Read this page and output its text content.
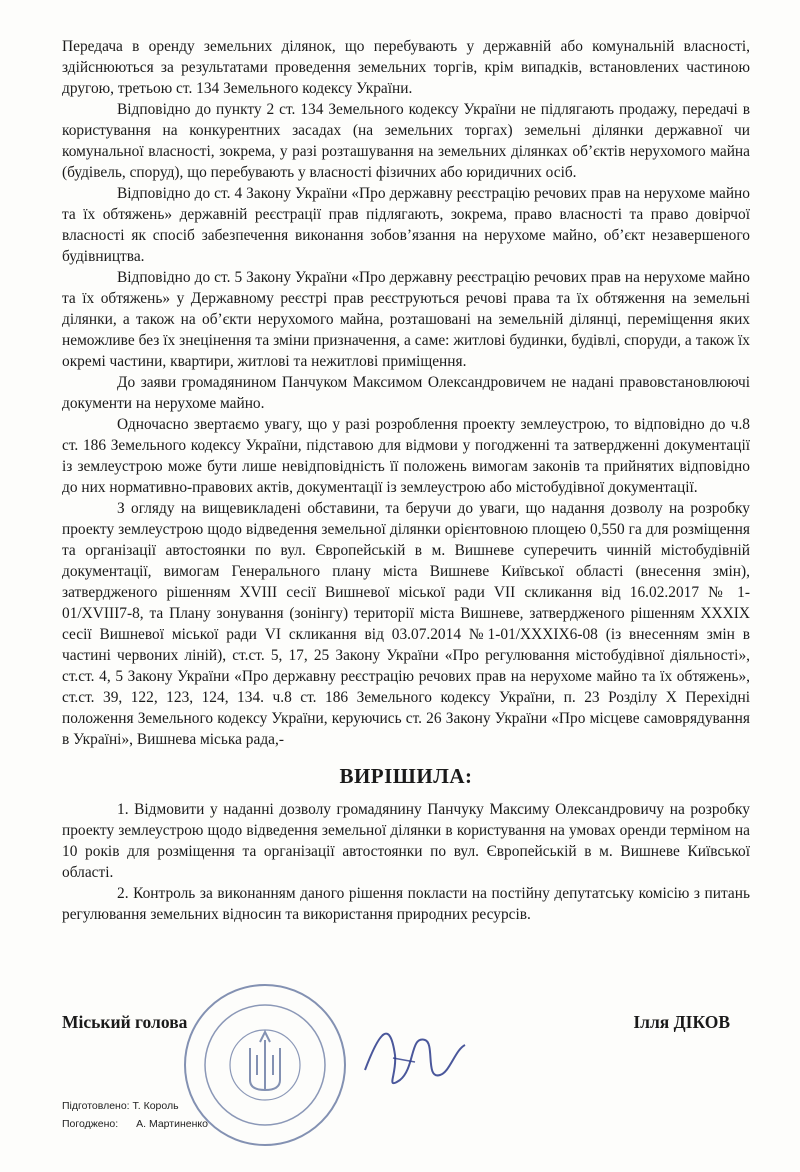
Передача в оренду земельних ділянок, що перебувають у державній або комунальній власності, здійснюються за результатами проведення земельних торгів, крім випадків, встановлених частиною другою, третьою ст. 134 Земельного кодексу України.

Відповідно до пункту 2 ст. 134 Земельного кодексу України не підлягають продажу, передачі в користування на конкурентних засадах (на земельних торгах) земельні ділянки державної чи комунальної власності, зокрема, у разі розташування на земельних ділянках об’єктів нерухомого майна (будівель, споруд), що перебувають у власності фізичних або юридичних осіб.

Відповідно до ст. 4 Закону України «Про державну реєстрацію речових прав на нерухоме майно та їх обтяжень» державній реєстрації прав підлягають, зокрема, право власності та право довірчої власності як спосіб забезпечення виконання зобов’язання на нерухоме майно, об’єкт незавершеного будівництва.

Відповідно до ст. 5 Закону України «Про державну реєстрацію речових прав на нерухоме майно та їх обтяжень» у Державному реєстрі прав реєструються речові права та їх обтяження на земельні ділянки, а також на об’єкти нерухомого майна, розташовані на земельній ділянці, переміщення яких неможливе без їх знецінення та зміни призначення, а саме: житлові будинки, будівлі, споруди, а також їх окремі частини, квартири, житлові та нежитлові приміщення.

До заяви громадянином Панчуком Максимом Олександровичем не надані правовстановлюючі документи на нерухоме майно.

Одночасно звертаємо увагу, що у разі розроблення проекту землеустрою, то відповідно до ч.8 ст. 186 Земельного кодексу України, підставою для відмови у погодженні та затвердженні документації із землеустрою може бути лише невідповідність її положень вимогам законів та прийнятих відповідно до них нормативно-правових актів, документації із землеустрою або містобудівної документації.

З огляду на вищевикладені обставини, та беручи до уваги, що надання дозволу на розробку проекту землеустрою щодо відведення земельної ділянки орієнтовною площею 0,550 га для розміщення та організації автостоянки по вул. Європейській в м. Вишневе суперечить чинній містобудівній документації, вимогам Генерального плану міста Вишневе Київської області (внесення змін), затвердженого рішенням XVIII сесії Вишневої міської ради VII скликання від 16.02.2017 № 1-01/XVIII7-8, та Плану зонування (зонінгу) території міста Вишневе, затвердженого рішенням XXXIX сесії Вишневої міської ради VI скликання від 03.07.2014 №1-01/XXXIX6-08 (із внесенням змін в частині червоних ліній), ст.ст. 5, 17, 25 Закону України «Про регулювання містобудівної діяльності», ст.ст. 4, 5 Закону України «Про державну реєстрацію речових прав на нерухоме майно та їх обтяжень», ст.ст. 39, 122, 123, 124, 134. ч.8 ст. 186 Земельного кодексу України, п. 23 Розділу Х Перехідні положення Земельного кодексу України, керуючись ст. 26 Закону України «Про місцеве самоврядування в Україні», Вишнева міська рада,-

ВИРІШИЛА:

1. Відмовити у наданні дозволу громадянину Панчуку Максиму Олександровичу на розробку проекту землеустрою щодо відведення земельної ділянки в користування на умовах оренди терміном на 10 років для розміщення та організації автостоянки по вул. Європейській в м. Вишневе Київської області.

2. Контроль за виконанням даного рішення покласти на постійну депутатську комісію з питань регулювання земельних відносин та використання природних ресурсів.

Міський голова	Ілля ДІКОВ
Підготовлено: Т. Король
Погоджено: А. Мартиненко
